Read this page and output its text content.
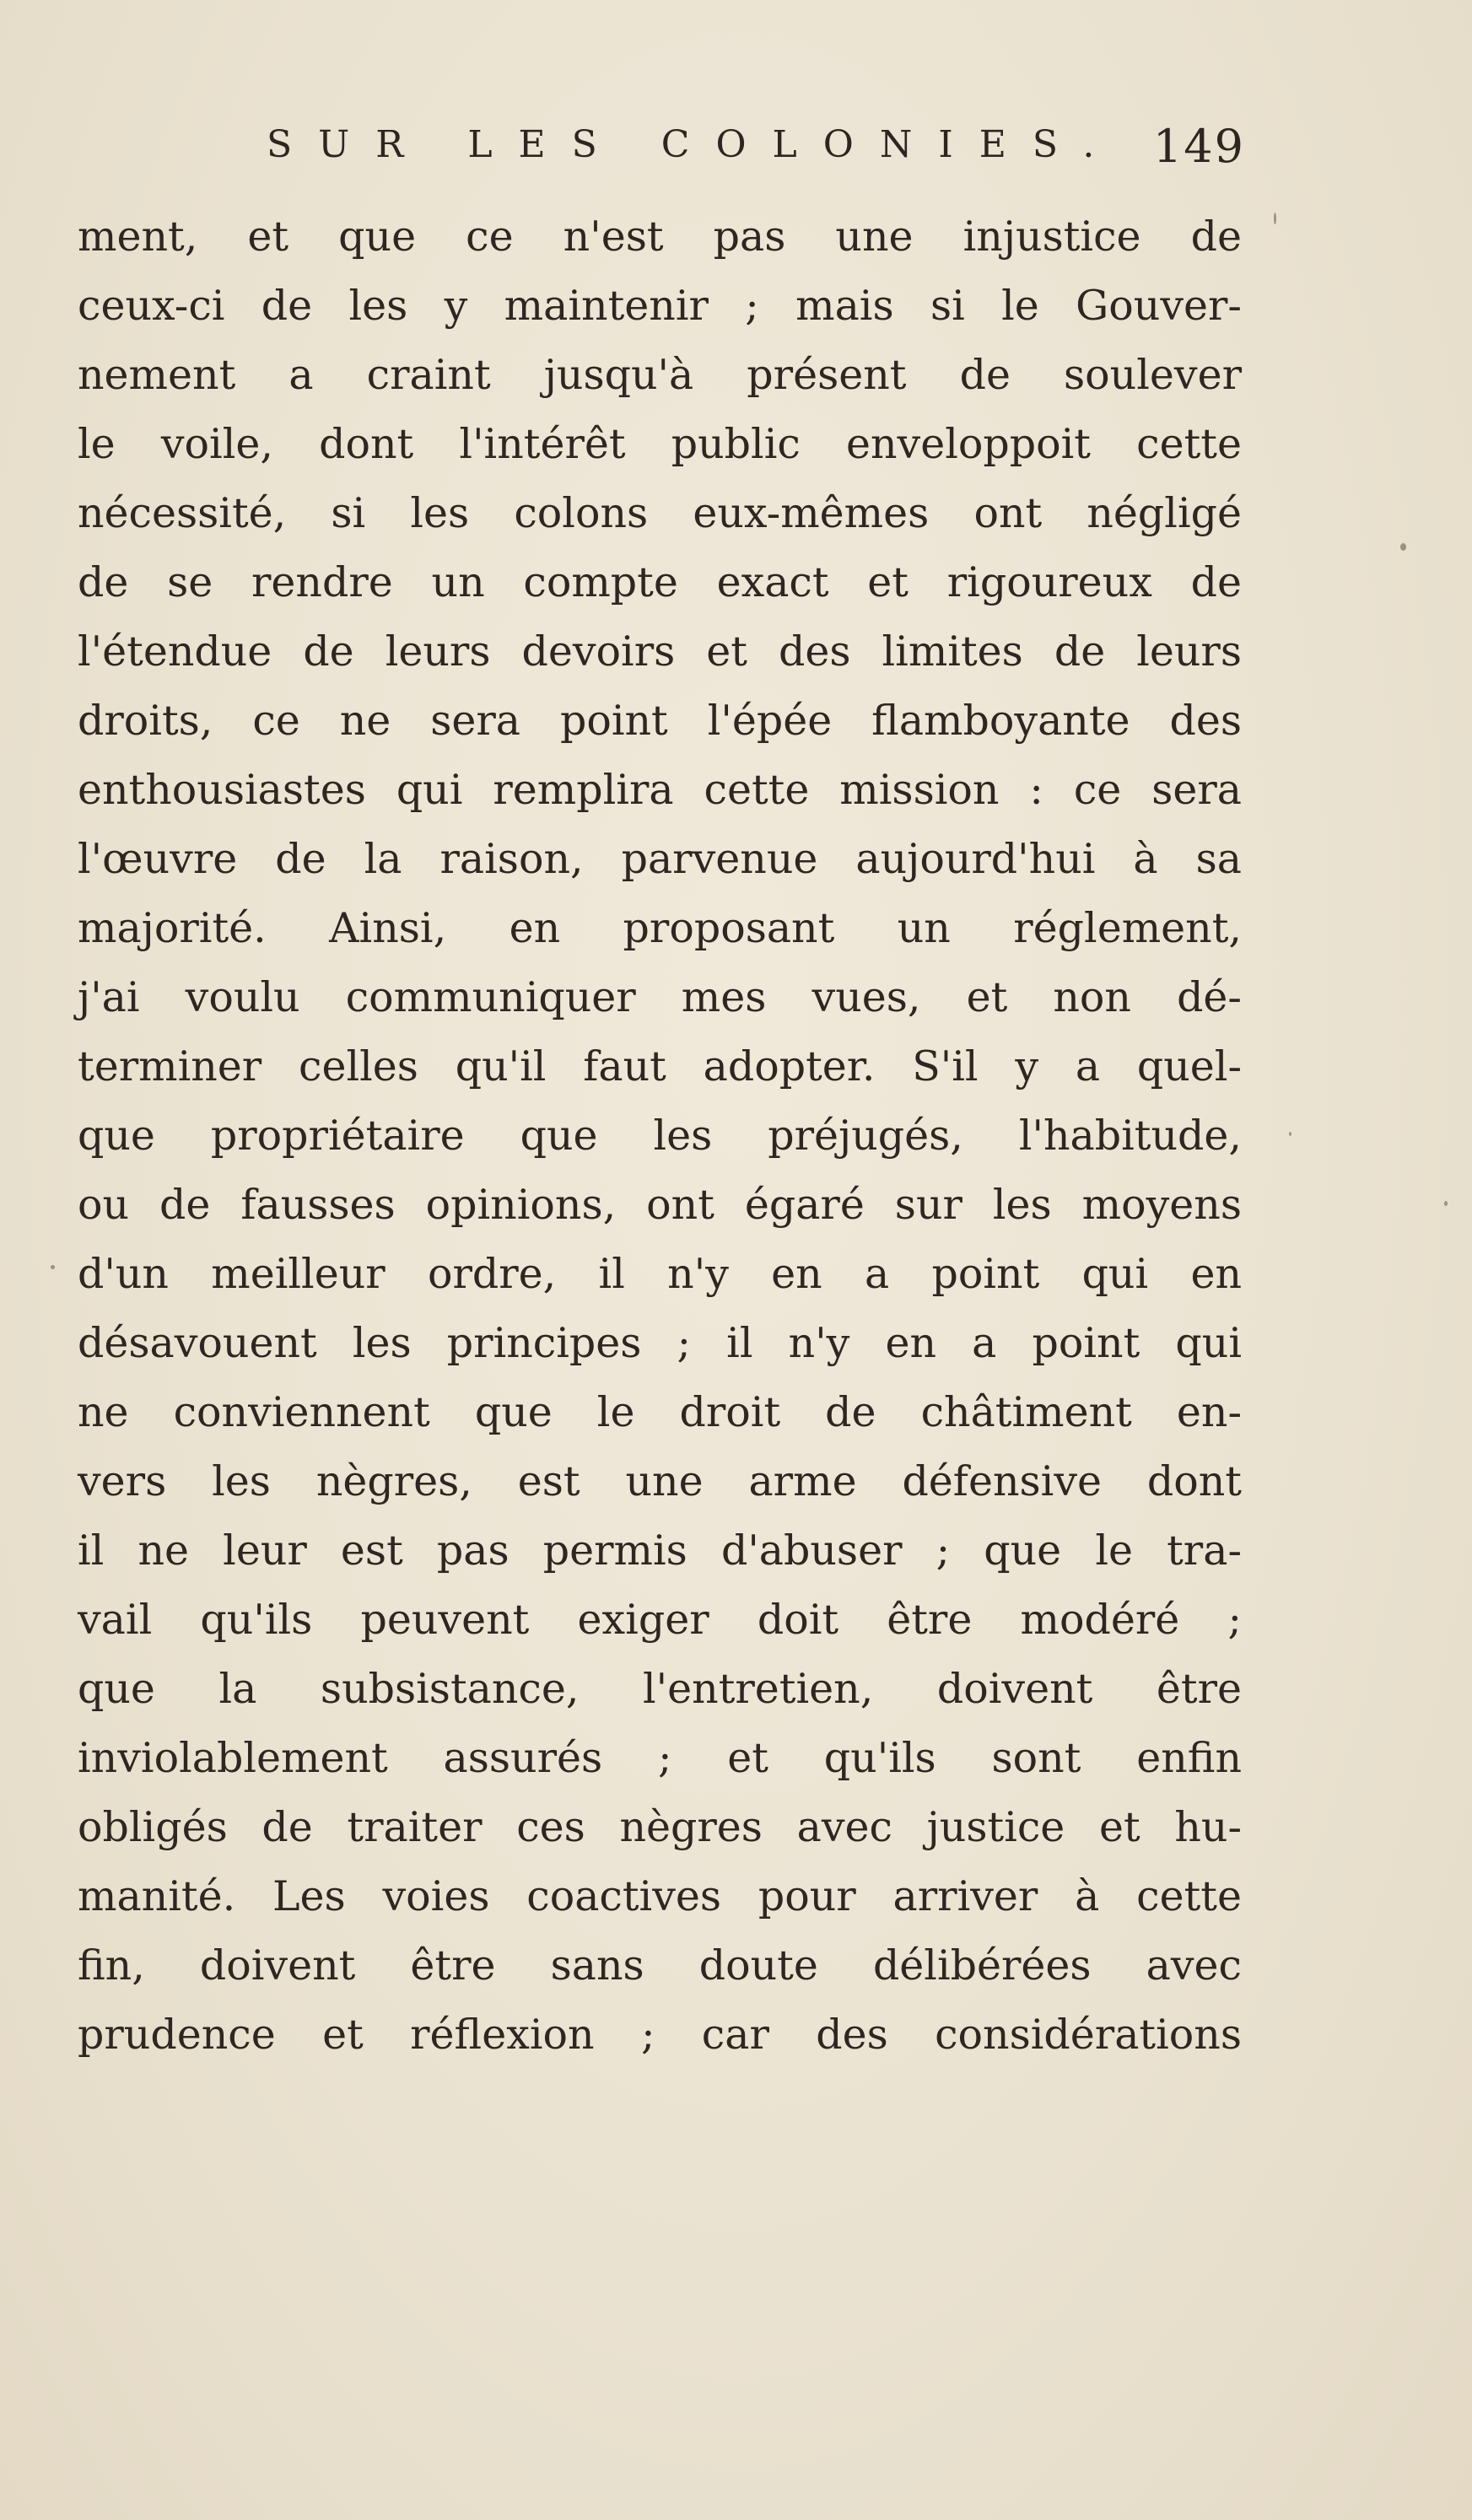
SUR LES COLONIES. 149
ment, et que ce n'est pas une injustice de
ceux-ci de les y maintenir ; mais si le Gouver-
nement a craint jusqu'à présent de soulever
le voile, dont l'intérêt public enveloppoit cette
nécessité, si les colons eux-mêmes ont négligé
de se rendre un compte exact et rigoureux de
l'étendue de leurs devoirs et des limites de leurs
droits, ce ne sera point l'épée flamboyante des
enthousiastes qui remplira cette mission : ce sera
l'œuvre de la raison, parvenue aujourd'hui à sa
majorité. Ainsi, en proposant un réglement,
j'ai voulu communiquer mes vues, et non dé-
terminer celles qu'il faut adopter. S'il y a quel-
que propriétaire que les préjugés, l'habitude,
ou de fausses opinions, ont égaré sur les moyens
d'un meilleur ordre, il n'y en a point qui en
désavouent les principes ; il n'y en a point qui
ne conviennent que le droit de châtiment en-
vers les nègres, est une arme défensive dont
il ne leur est pas permis d'abuser ; que le tra-
vail qu'ils peuvent exiger doit être modéré ;
que la subsistance, l'entretien, doivent être
inviolablement assurés ; et qu'ils sont enfin
obligés de traiter ces nègres avec justice et hu-
manité. Les voies coactives pour arriver à cette
fin, doivent être sans doute délibérées avec
prudence et réflexion ; car des considérations
